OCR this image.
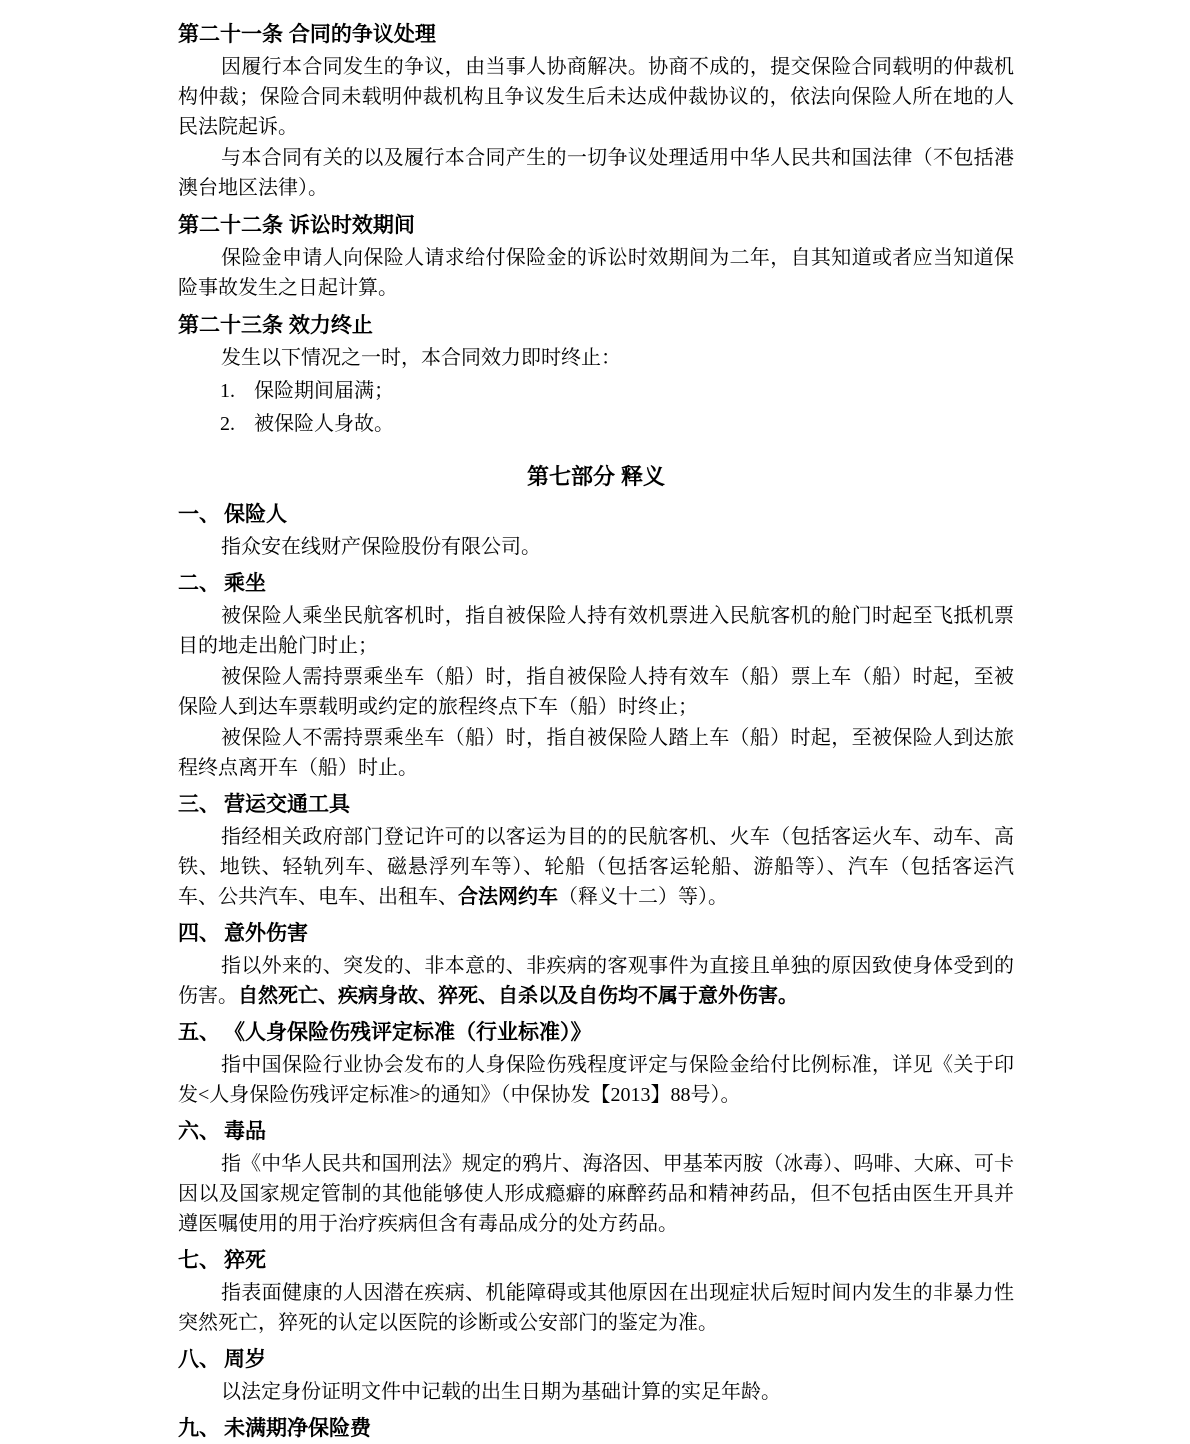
第二十一条 合同的争议处理

因履行本合同发生的争议，由当事人协商解决。协商不成的，提交保险合同载明的仲裁机构仲裁；保险合同未载明仲裁机构且争议发生后未达成仲裁协议的，依法向保险人所在地的人民法院起诉。

与本合同有关的以及履行本合同产生的一切争议处理适用中华人民共和国法律（不包括港澳台地区法律）。

第二十二条 诉讼时效期间

保险金申请人向保险人请求给付保险金的诉讼时效期间为二年，自其知道或者应当知道保险事故发生之日起计算。

第二十三条 效力终止

发生以下情况之一时，本合同效力即时终止：

1. 保险期间届满；
2. 被保险人身故。
第七部分 释义
一、 保险人

指众安在线财产保险股份有限公司。

二、 乘坐

被保险人乘坐民航客机时，指自被保险人持有效机票进入民航客机的舱门时起至飞抵机票目的地走出舱门时止；

被保险人需持票乘坐车（船）时，指自被保险人持有效车（船）票上车（船）时起，至被保险人到达车票载明或约定的旅程终点下车（船）时终止；

被保险人不需持票乘坐车（船）时，指自被保险人踏上车（船）时起，至被保险人到达旅程终点离开车（船）时止。

三、 营运交通工具

指经相关政府部门登记许可的以客运为目的的民航客机、火车（包括客运火车、动车、高铁、地铁、轻轨列车、磁悬浮列车等）、轮船（包括客运轮船、游船等）、汽车（包括客运汽车、公共汽车、电车、出租车、合法网约车（释义十二）等）。

四、 意外伤害

指以外来的、突发的、非本意的、非疾病的客观事件为直接且单独的原因致使身体受到的伤害。自然死亡、疾病身故、猝死、自杀以及自伤均不属于意外伤害。

五、 《人身保险伤残评定标准（行业标准）》

指中国保险行业协会发布的人身保险伤残程度评定与保险金给付比例标准，详见《关于印发<人身保险伤残评定标准>的通知》（中保协发【2013】88号）。

六、 毒品

指《中华人民共和国刑法》规定的鸦片、海洛因、甲基苯丙胺（冰毒）、吗啡、大麻、可卡因以及国家规定管制的其他能够使人形成瘾癖的麻醉药品和精神药品，但不包括由医生开具并遵医嘱使用的用于治疗疾病但含有毒品成分的处方药品。

七、 猝死

指表面健康的人因潜在疾病、机能障碍或其他原因在出现症状后短时间内发生的非暴力性突然死亡，猝死的认定以医院的诊断或公安部门的鉴定为准。

八、 周岁

以法定身份证明文件中记载的出生日期为基础计算的实足年龄。

九、 未满期净保险费
